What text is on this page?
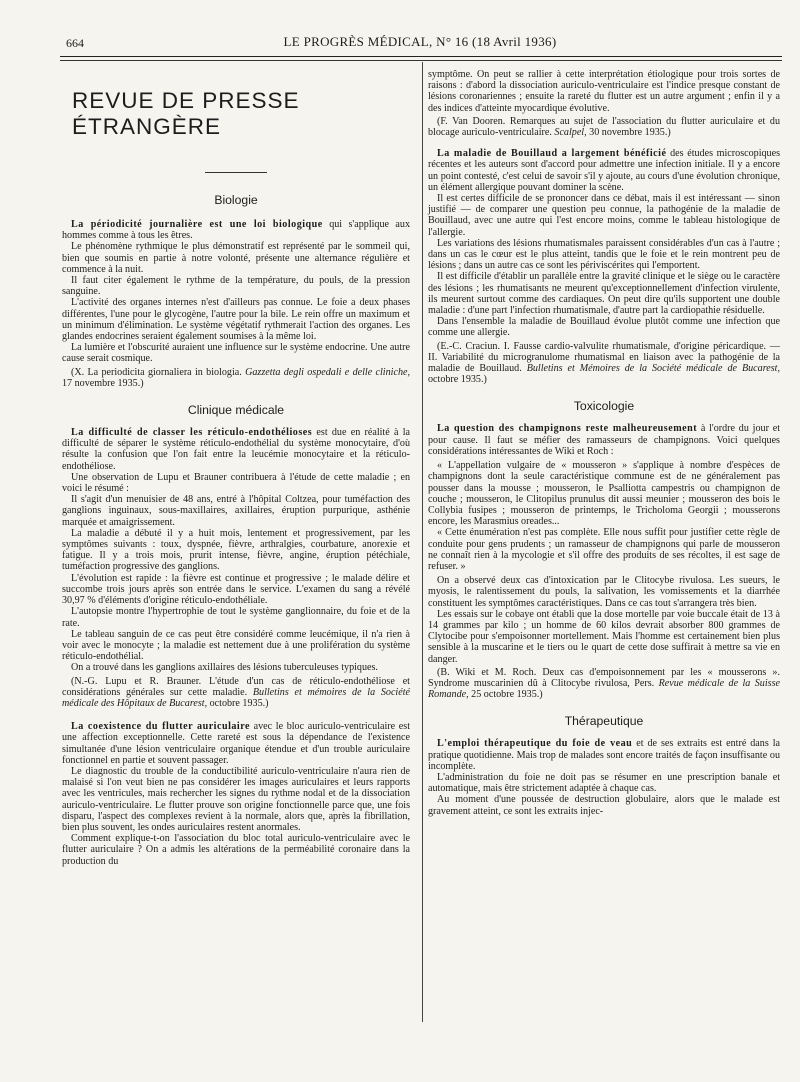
664	LE PROGRÈS MÉDICAL, N° 16 (18 Avril 1936)
REVUE DE PRESSE ÉTRANGÈRE
Biologie

La périodicité journalière est une loi biologique qui s'applique aux hommes comme à tous les êtres.

Le phénomène rythmique le plus démonstratif est représenté par le sommeil qui, bien que soumis en partie à notre volonté, présente une alternance régulière et commence à la nuit.

Il faut citer également le rythme de la température, du pouls, de la pression sanguine.

L'activité des organes internes n'est d'ailleurs pas connue. Le foie a deux phases différentes, l'une pour le glycogène, l'autre pour la bile. Le rein offre un maximum et un minimum d'élimination. Le système végétatif rythmerait l'action des organes. Les glandes endocrines seraient également soumises à la même loi.

La lumière et l'obscurité auraient une influence sur le système endocrine. Une autre cause serait cosmique.

(X. La periodicita giornaliera in biologia. Gazzetta degli ospedali e delle cliniche, 17 novembre 1935.)

Clinique médicale

La difficulté de classer les réticulo-endothélioses est due en réalité à la difficulté de séparer le système réticulo-endothélial du système monocytaire, d'où résulte la confusion que l'on fait entre la leucémie monocytaire et la réticulo-endothéliose.

Une observation de Lupu et Brauner contribuera à l'étude de cette maladie ; en voici le résumé :

Il s'agit d'un menuisier de 48 ans, entré à l'hôpital Coltzea, pour tuméfaction des ganglions inguinaux, sous-maxillaires, axillaires, éruption purpurique, asthénie marquée et amaigrissement.

La maladie a débuté il y a huit mois, lentement et progressivement, par les symptômes suivants : toux, dyspnée, fièvre, arthralgies, courbature, anorexie et fatigue. Il y a trois mois, prurit intense, fièvre, angine, éruption pétéchiale, tuméfaction progressive des ganglions.

L'évolution est rapide : la fièvre est continue et progressive ; le malade délire et succombe trois jours après son entrée dans le service. L'examen du sang a révélé 30,97 % d'éléments d'origine réticulo-endothéliale.

L'autopsie montre l'hypertrophie de tout le système ganglionnaire, du foie et de la rate.

Le tableau sanguin de ce cas peut être considéré comme leucémique, il n'a rien à voir avec le monocyte ; la maladie est nettement due à une prolifération du système réticulo-endothélial.

On a trouvé dans les ganglions axillaires des lésions tuberculeuses typiques.

(N.-G. Lupu et R. Brauner. L'étude d'un cas de réticulo-endothéliose et considérations générales sur cette maladie. Bulletins et mémoires de la Société médicale des Hôpitaux de Bucarest, octobre 1935.)

La coexistence du flutter auriculaire avec le bloc auriculo-ventriculaire est une affection exceptionnelle. Cette rareté est sous la dépendance de l'existence simultanée d'une lésion ventriculaire organique étendue et d'un trouble auriculaire fonctionnel en partie et souvent passager.

Le diagnostic du trouble de la conductibilité auriculo-ventriculaire n'aura rien de malaisé si l'on veut bien ne pas considérer les images auriculaires et leurs rapports avec les ventricules, mais rechercher les signes du rythme nodal et de la dissociation auriculo-ventriculaire. Le flutter prouve son origine fonctionnelle parce que, une fois disparu, l'aspect des complexes revient à la normale, alors que, après la fibrillation, bien plus souvent, les ondes auriculaires restent anormales.

Comment explique-t-on l'association du bloc total auriculo-ventriculaire avec le flutter auriculaire ? On a admis les altérations de la perméabilité coronaire dans la production du

symptôme. On peut se rallier à cette interprétation étiologique pour trois sortes de raisons : d'abord la dissociation auriculo-ventriculaire est l'indice presque constant de lésions coronariennes ; ensuite la rareté du flutter est un autre argument ; enfin il y a des indices d'atteinte myocardique évolutive.

(F. Van Dooren. Remarques au sujet de l'association du flutter auriculaire et du blocage auriculo-ventriculaire. Scalpel, 30 novembre 1935.)

La maladie de Bouillaud a largement bénéficié des études microscopiques récentes et les auteurs sont d'accord pour admettre une infection initiale. Il y a encore un point contesté, c'est celui de savoir s'il y ajoute, au cours d'une évolution chronique, un élément allergique pouvant dominer la scène.

Il est certes difficile de se prononcer dans ce débat, mais il est intéressant — sinon justifié — de comparer une question peu connue, la pathogénie de la maladie de Bouillaud, avec une autre qui l'est encore moins, comme le tableau histologique de l'allergie.

Les variations des lésions rhumatismales paraissent considérables d'un cas à l'autre ; dans un cas le cœur est le plus atteint, tandis que le foie et le rein montrent peu de lésions ; dans un autre cas ce sont les périviscérites qui l'emportent.

Il est difficile d'établir un parallèle entre la gravité clinique et le siège ou le caractère des lésions ; les rhumatisants ne meurent qu'exceptionnellement d'infection virulente, ils meurent surtout comme des cardiaques. On peut dire qu'ils supportent une double maladie : d'une part l'infection rhumatismale, d'autre part la cardiopathie résiduelle.

Dans l'ensemble la maladie de Bouillaud évolue plutôt comme une infection que comme une allergie.

(E.-C. Craciun. I. Fausse cardio-valvulite rhumatismale, d'origine péricardique. — II. Variabilité du microgranulome rhumatismal en liaison avec la pathogénie de la maladie de Bouillaud. Bulletins et Mémoires de la Société médicale de Bucarest, octobre 1935.)

Toxicologie

La question des champignons reste malheureusement à l'ordre du jour et pour cause. Il faut se méfier des ramasseurs de champignons. Voici quelques considérations intéressantes de Wiki et Roch :

« L'appellation vulgaire de « mousseron » s'applique à nombre d'espèces de champignons dont la seule caractéristique commune est de ne généralement pas pousser dans la mousse ; mousseron, le Psalliotta campestris ou champignon de couche ; mousseron, le Clitopilus prunulus dit aussi meunier ; mousseron des bois le Collybia fusipes ; mousseron de printemps, le Tricholoma Georgii ; mousserons encore, les Marasmius oreades...

« Cette énumération n'est pas complète. Elle nous suffit pour justifier cette règle de conduite pour gens prudents ; un ramasseur de champignons qui parle de mousseron ne connaît rien à la mycologie et s'il offre des produits de ses récoltes, il est sage de refuser. »

On a observé deux cas d'intoxication par le Clitocybe rivulosa. Les sueurs, le myosis, le ralentissement du pouls, la salivation, les vomissements et la diarrhée constituent les symptômes caractéristiques. Dans ce cas tout s'arrangera très bien.

Les essais sur le cobaye ont établi que la dose mortelle par voie buccale était de 13 à 14 grammes par kilo ; un homme de 60 kilos devrait absorber 800 grammes de Clytocibe pour s'empoisonner mortellement. Mais l'homme est certainement bien plus sensible à la muscarine et le tiers ou le quart de cette dose suffirait à mettre sa vie en danger.

(B. Wiki et M. Roch. Deux cas d'empoisonnement par les « mousserons ». Syndrome muscarinien dû à Clitocybe rivulosa, Pers. Revue médicale de la Suisse Romande, 25 octobre 1935.)

Thérapeutique

L'emploi thérapeutique du foie de veau et de ses extraits est entré dans la pratique quotidienne. Mais trop de malades sont encore traités de façon insuffisante ou incomplète.

L'administration du foie ne doit pas se résumer en une prescription banale et automatique, mais être strictement adaptée à chaque cas.

Au moment d'une poussée de destruction globulaire, alors que le malade est gravement atteint, ce sont les extraits injec-
